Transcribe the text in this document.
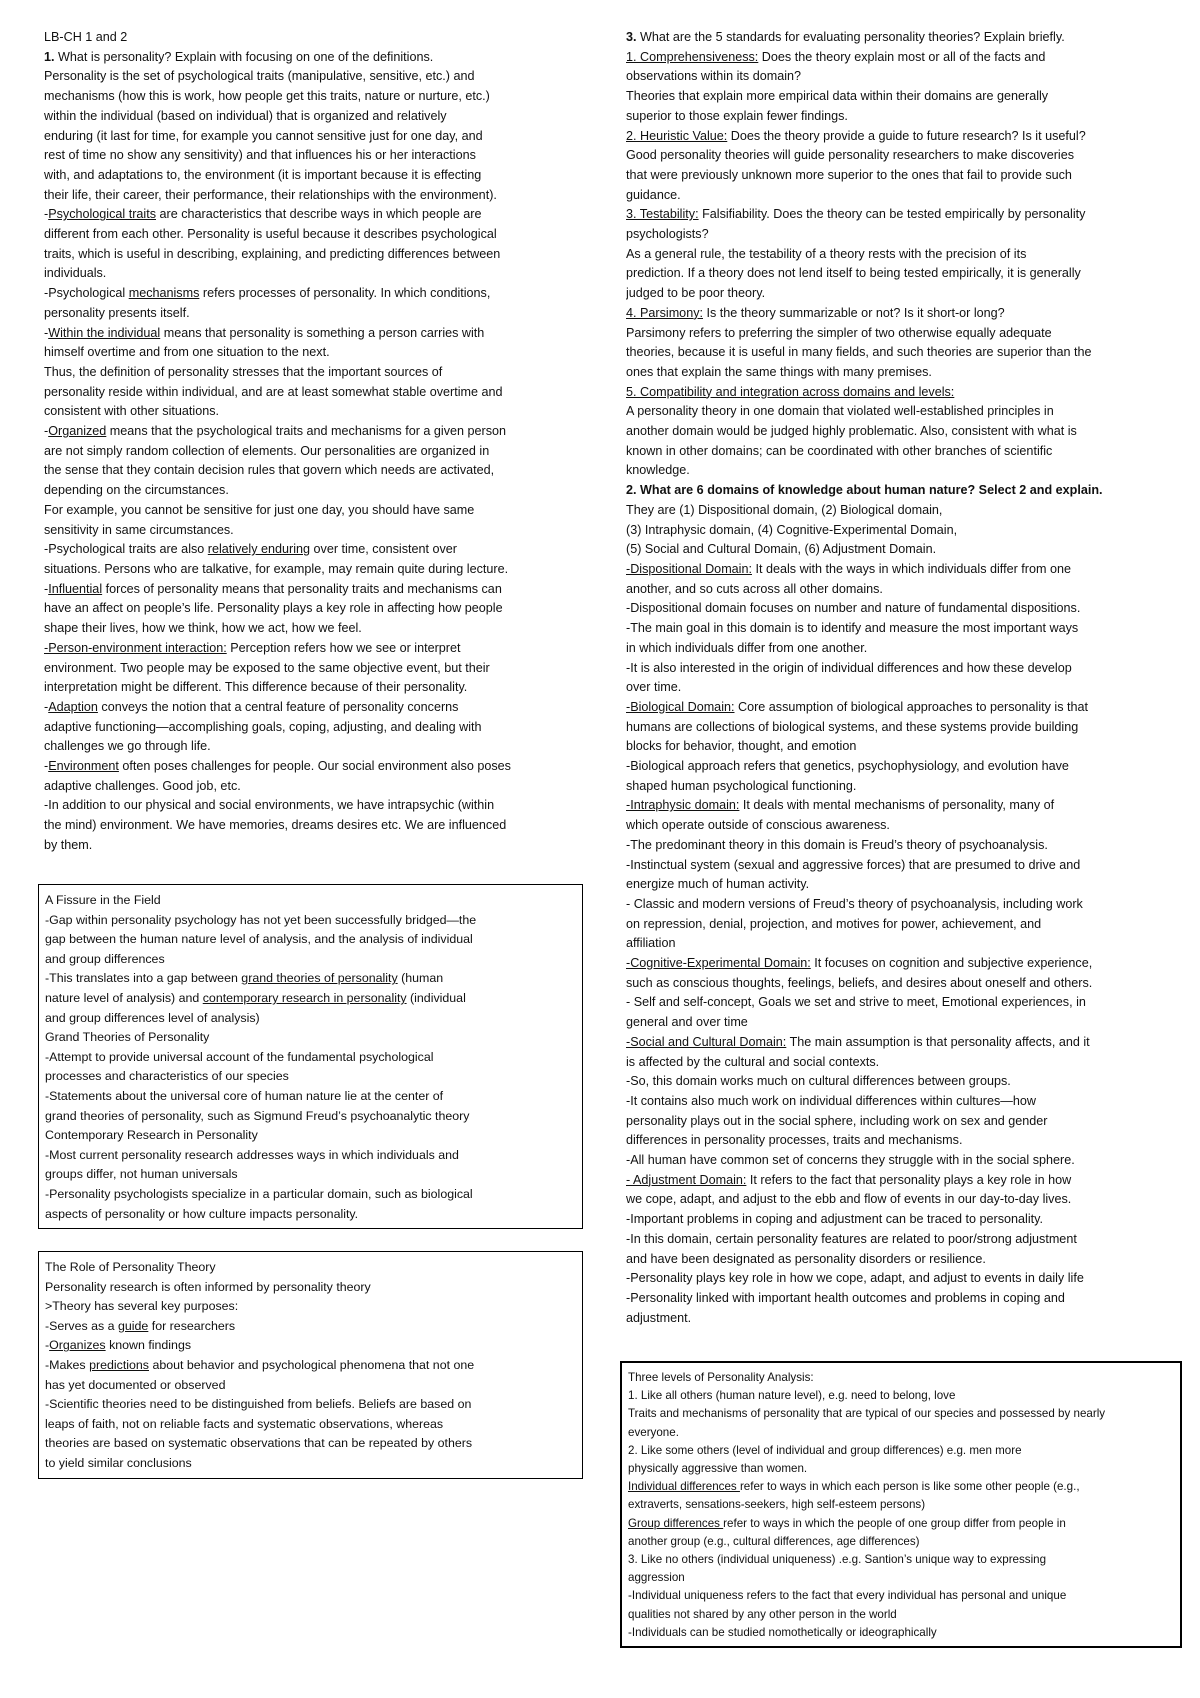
LB-CH 1 and 2
1. What is personality? Explain with focusing on one of the definitions.
Personality is the set of psychological traits (manipulative, sensitive, etc.) and
mechanisms (how this is work, how people get this traits, nature or nurture, etc.)
within the individual (based on individual) that is organized and relatively
enduring (it last for time, for example you cannot sensitive just for one day, and
rest of time no show any sensitivity) and that influences his or her interactions
with, and adaptations to, the environment (it is important because it is effecting
their life, their career, their performance, their relationships with the environment).
-Psychological traits are characteristics that describe ways in which people are
different from each other. Personality is useful because it describes psychological
traits, which is useful in describing, explaining, and predicting differences between
individuals.
-Psychological mechanisms refers processes of personality. In which conditions,
personality presents itself.
-Within the individual means that personality is something a person carries with
himself overtime and from one situation to the next.
Thus, the definition of personality stresses that the important sources of
personality reside within individual, and are at least somewhat stable overtime and
consistent with other situations.
-Organized means that the psychological traits and mechanisms for a given person
are not simply random collection of elements. Our personalities are organized in
the sense that they contain decision rules that govern which needs are activated,
depending on the circumstances.
For example, you cannot be sensitive for just one day, you should have same
sensitivity in same circumstances.
-Psychological traits are also relatively enduring over time, consistent over
situations. Persons who are talkative, for example, may remain quite during lecture.
-Influential forces of personality means that personality traits and mechanisms can
have an affect on people’s life. Personality plays a key role in affecting how people
shape their lives, how we think, how we act, how we feel.
-Person-environment interaction: Perception refers how we see or interpret
environment. Two people may be exposed to the same objective event, but their
interpretation might be different. This difference because of their personality.
-Adaption conveys the notion that a central feature of personality concerns
adaptive functioning—accomplishing goals, coping, adjusting, and dealing with
challenges we go through life.
-Environment often poses challenges for people. Our social environment also poses
adaptive challenges. Good job, etc.
-In addition to our physical and social environments, we have intrapsychic (within
the mind) environment. We have memories, dreams desires etc. We are influenced
by them.
A Fissure in the Field
-Gap within personality psychology has not yet been successfully bridged—the
gap between the human nature level of analysis, and the analysis of individual
and group differences
-This translates into a gap between grand theories of personality (human
nature level of analysis) and contemporary research in personality (individual
and group differences level of analysis)
Grand Theories of Personality
-Attempt to provide universal account of the fundamental psychological
processes and characteristics of our species
-Statements about the universal core of human nature lie at the center of
grand theories of personality, such as Sigmund Freud’s psychoanalytic theory
Contemporary Research in Personality
-Most current personality research addresses ways in which individuals and
groups differ, not human universals
-Personality psychologists specialize in a particular domain, such as biological
aspects of personality or how culture impacts personality.
The Role of Personality Theory
Personality research is often informed by personality theory
>Theory has several key purposes:
-Serves as a guide for researchers
-Organizes known findings
-Makes predictions about behavior and psychological phenomena that not one
has yet documented or observed
-Scientific theories need to be distinguished from beliefs. Beliefs are based on
leaps of faith, not on reliable facts and systematic observations, whereas
theories are based on systematic observations that can be repeated by others
to yield similar conclusions
3. What are the 5 standards for evaluating personality theories? Explain briefly.
1. Comprehensiveness: Does the theory explain most or all of the facts and
observations within its domain?
Theories that explain more empirical data within their domains are generally
superior to those explain fewer findings.
2. Heuristic Value: Does the theory provide a guide to future research? Is it useful?
Good personality theories will guide personality researchers to make discoveries
that were previously unknown more superior to the ones that fail to provide such
guidance.
3. Testability: Falsifiability. Does the theory can be tested empirically by personality
psychologists?
As a general rule, the testability of a theory rests with the precision of its
prediction. If a theory does not lend itself to being tested empirically, it is generally
judged to be poor theory.
4. Parsimony: Is the theory summarizable or not? Is it short-or long?
Parsimony refers to preferring the simpler of two otherwise equally adequate
theories, because it is useful in many fields, and such theories are superior than the
ones that explain the same things with many premises.
5. Compatibility and integration across domains and levels:
A personality theory in one domain that violated well-established principles in
another domain would be judged highly problematic. Also, consistent with what is
known in other domains; can be coordinated with other branches of scientific
knowledge.
2. What are 6 domains of knowledge about human nature? Select 2 and explain.
They are (1) Dispositional domain, (2) Biological domain,
(3) Intraphysic domain, (4) Cognitive-Experimental Domain,
(5) Social and Cultural Domain, (6) Adjustment Domain.
-Dispositional Domain: It deals with the ways in which individuals differ from one
another, and so cuts across all other domains.
-Dispositional domain focuses on number and nature of fundamental dispositions.
-The main goal in this domain is to identify and measure the most important ways
in which individuals differ from one another.
-It is also interested in the origin of individual differences and how these develop
over time.
-Biological Domain: Core assumption of biological approaches to personality is that
humans are collections of biological systems, and these systems provide building
blocks for behavior, thought, and emotion
-Biological approach refers that genetics, psychophysiology, and evolution have
shaped human psychological functioning.
-Intraphysic domain: It deals with mental mechanisms of personality, many of
which operate outside of conscious awareness.
-The predominant theory in this domain is Freud’s theory of psychoanalysis.
-Instinctual system (sexual and aggressive forces) that are presumed to drive and
energize much of human activity.
- Classic and modern versions of Freud’s theory of psychoanalysis, including work
on repression, denial, projection, and motives for power, achievement, and
affiliation
-Cognitive-Experimental Domain: It focuses on cognition and subjective experience,
such as conscious thoughts, feelings, beliefs, and desires about oneself and others.
- Self and self-concept, Goals we set and strive to meet, Emotional experiences, in
general and over time
-Social and Cultural Domain: The main assumption is that personality affects, and it
is affected by the cultural and social contexts.
-So, this domain works much on cultural differences between groups.
-It contains also much work on individual differences within cultures—how
personality plays out in the social sphere, including work on sex and gender
differences in personality processes, traits and mechanisms.
-All human have common set of concerns they struggle with in the social sphere.
- Adjustment Domain: It refers to the fact that personality plays a key role in how
we cope, adapt, and adjust to the ebb and flow of events in our day-to-day lives.
-Important problems in coping and adjustment can be traced to personality.
-In this domain, certain personality features are related to poor/strong adjustment
and have been designated as personality disorders or resilience.
-Personality plays key role in how we cope, adapt, and adjust to events in daily life
-Personality linked with important health outcomes and problems in coping and
adjustment.
Three levels of Personality Analysis:
1. Like all others (human nature level), e.g. need to belong, love
Traits and mechanisms of personality that are typical of our species and possessed by nearly
everyone.
2. Like some others (level of individual and group differences) e.g. men more
physically aggressive than women.
Individual differences refer to ways in which each person is like some other people (e.g.,
extraverts, sensations-seekers, high self-esteem persons)
Group differences refer to ways in which the people of one group differ from people in
another group (e.g., cultural differences, age differences)
3. Like no others (individual uniqueness) .e.g. Santion’s unique way to expressing
aggression
-Individual uniqueness refers to the fact that every individual has personal and unique
qualities not shared by any other person in the world
-Individuals can be studied nomothetically or ideographically
